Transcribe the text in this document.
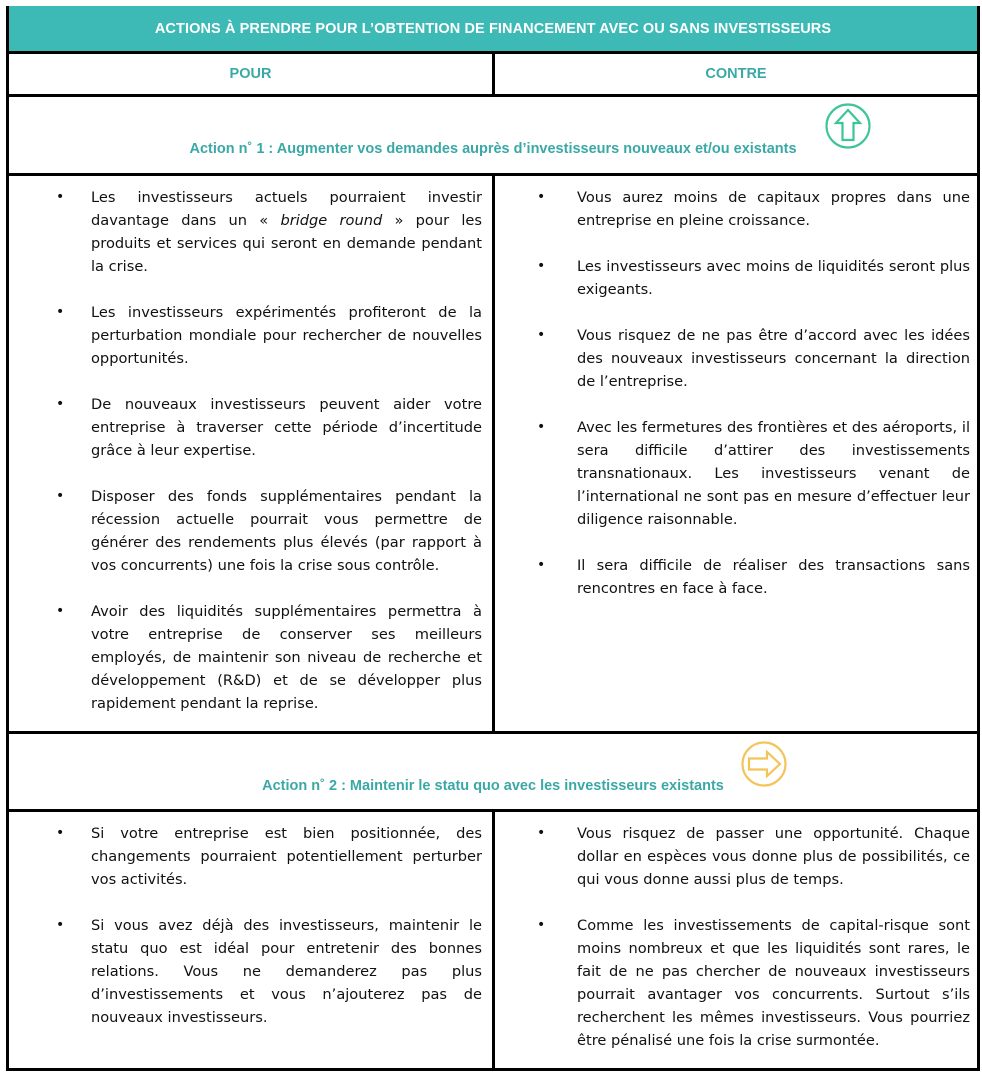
ACTIONS À PRENDRE POUR L’OBTENTION DE FINANCEMENT AVEC OU SANS INVESTISSEURS
POUR	CONTRE
Action n˚ 1 : Augmenter vos demandes auprès d’investisseurs nouveaux et/ou existants
• Les investisseurs actuels pourraient investir davantage dans un « bridge round » pour les produits et services qui seront en demande pendant la crise.
• Les investisseurs expérimentés profiteront de la perturbation mondiale pour rechercher de nouvelles opportunités.
• De nouveaux investisseurs peuvent aider votre entreprise à traverser cette période d’incertitude grâce à leur expertise.
• Disposer des fonds supplémentaires pendant la récession actuelle pourrait vous permettre de générer des rendements plus élevés (par rapport à vos concurrents) une fois la crise sous contrôle.
• Avoir des liquidités supplémentaires permettra à votre entreprise de conserver ses meilleurs employés, de maintenir son niveau de recherche et développement (R&D) et de se développer plus rapidement pendant la reprise.
• Vous aurez moins de capitaux propres dans une entreprise en pleine croissance.
• Les investisseurs avec moins de liquidités seront plus exigeants.
• Vous risquez de ne pas être d’accord avec les idées des nouveaux investisseurs concernant la direction de l’entreprise.
• Avec les fermetures des frontières et des aéroports, il sera difficile d’attirer des investissements transnationaux. Les investisseurs venant de l’international ne sont pas en mesure d’effectuer leur diligence raisonnable.
• Il sera difficile de réaliser des transactions sans rencontres en face à face.
Action n˚ 2 : Maintenir le statu quo avec les investisseurs existants
• Si votre entreprise est bien positionnée, des changements pourraient potentiellement perturber vos activités.
• Si vous avez déjà des investisseurs, maintenir le statu quo est idéal pour entretenir des bonnes relations. Vous ne demanderez pas plus d’investissements et vous n’ajouterez pas de nouveaux investisseurs.
• Vous risquez de passer une opportunité. Chaque dollar en espèces vous donne plus de possibilités, ce qui vous donne aussi plus de temps.
• Comme les investissements de capital-risque sont moins nombreux et que les liquidités sont rares, le fait de ne pas chercher de nouveaux investisseurs pourrait avantager vos concurrents. Surtout s’ils recherchent les mêmes investisseurs. Vous pourriez être pénalisé une fois la crise surmontée.
